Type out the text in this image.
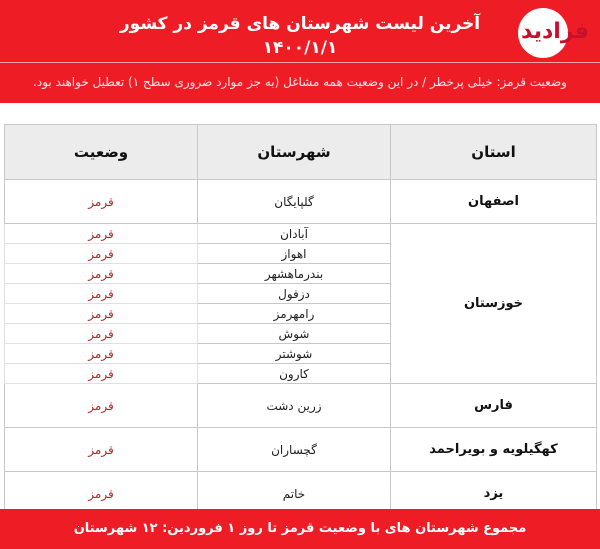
آخرین لیست شهرستان های قرمز در کشور ۱۴۰۰/۱/۱
فرادید
وضعیت قرمز: خیلی پرخطر / در این وضعیت همه مشاغل (به جز موارد ضروری سطح ۱) تعطیل خواهند بود.
وضعیت	شهرستان	استان
قرمز	گلپایگان	اصفهان
قرمز	آبادان	خوزستان
قرمز	اهواز	
قرمز	بندرماهشهر	
قرمز	دزفول	
قرمز	رامهرمز	
قرمز	شوش	
قرمز	شوشتر	
قرمز	کارون	
قرمز	زرین دشت	فارس
قرمز	گچساران	کهگیلویه و بویراحمد
قرمز	خاتم	یزد
مجموع شهرستان های با وضعیت قرمز تا روز ۱ فروردین: ۱۲ شهرستان
